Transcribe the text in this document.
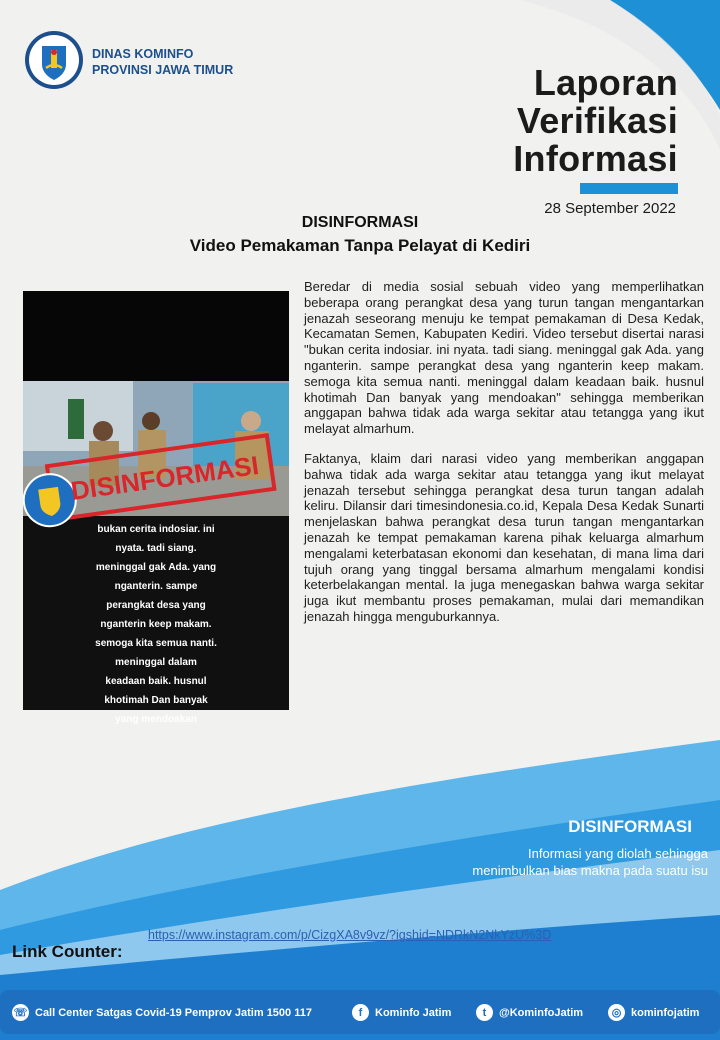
DINAS KOMINFO
PROVINSI JAWA TIMUR	Laporan
Verifikasi
Informasi
28 September 2022
DISINFORMASI
Video Pemakaman Tanpa Pelayat di Kediri
DISINFORMASI
bukan cerita indosiar. ini
nyata. tadi siang.
meninggal gak Ada. yang
nganterin. sampe
perangkat desa yang
nganterin keep makam.
semoga kita semua nanti.
meninggal dalam
keadaan baik. husnul
khotimah Dan banyak
yang mendoakan

Beredar di media sosial sebuah video yang memperlihatkan beberapa orang perangkat desa yang turun tangan mengantarkan jenazah seseorang menuju ke tempat pemakaman di Desa Kedak, Kecamatan Semen, Kabupaten Kediri. Video tersebut disertai narasi "bukan cerita indosiar. ini nyata. tadi siang. meninggal gak Ada. yang nganterin. sampe perangkat desa yang nganterin keep makam. semoga kita semua nanti. meninggal dalam keadaan baik. husnul khotimah Dan banyak yang mendoakan" sehingga memberikan anggapan bahwa tidak ada warga sekitar atau tetangga yang ikut melayat almarhum.

Faktanya, klaim dari narasi video yang memberikan anggapan bahwa tidak ada warga sekitar atau tetangga yang ikut melayat jenazah tersebut sehingga perangkat desa turun tangan adalah keliru. Dilansir dari timesindonesia.co.id, Kepala Desa Kedak Sunarti menjelaskan bahwa perangkat desa turun tangan mengantarkan jenazah ke tempat pemakaman karena pihak keluarga almarhum mengalami keterbatasan ekonomi dan kesehatan, di mana lima dari tujuh orang yang tinggal bersama almarhum mengalami kondisi keterbelakangan mental. Ia juga menegaskan bahwa warga sekitar juga ikut membantu proses pemakaman, mulai dari memandikan jenazah hingga menguburkannya.

DISINFORMASI
Informasi yang diolah sehingga
menimbulkan bias makna pada suatu isu
Link Counter:
https://www.instagram.com/p/CizgXA8v9vz/?igshid=NDRkN2NkYzU%3D
☏ Call Center Satgas Covid-19 Pemprov Jatim 1500 117	f	Kominfo Jatim	t	@KominfoJatim	◎ kominfojatim
